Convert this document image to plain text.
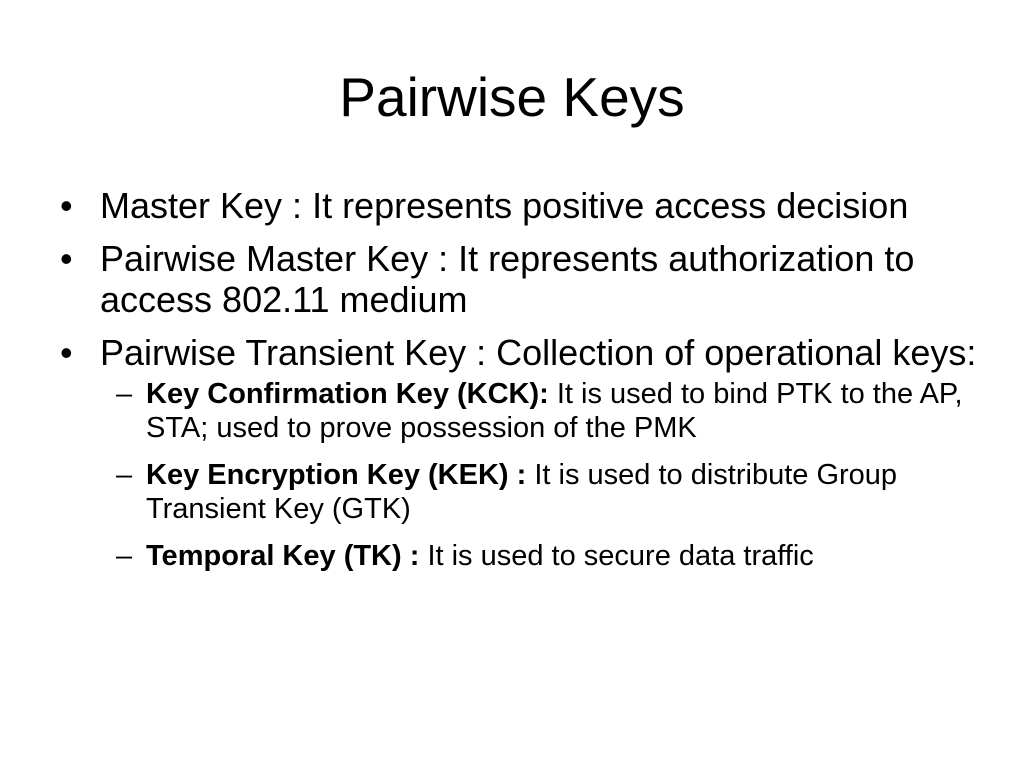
Pairwise Keys
• Master Key : It represents positive access decision
• Pairwise Master Key : It represents authorization to access 802.11 medium
• Pairwise Transient Key : Collection of operational keys:
– Key Confirmation Key (KCK): It is used to bind PTK to the AP, STA; used to prove possession of the PMK
– Key Encryption Key (KEK) : It is used to distribute Group Transient Key (GTK)
– Temporal Key (TK) : It is used to secure data traffic
